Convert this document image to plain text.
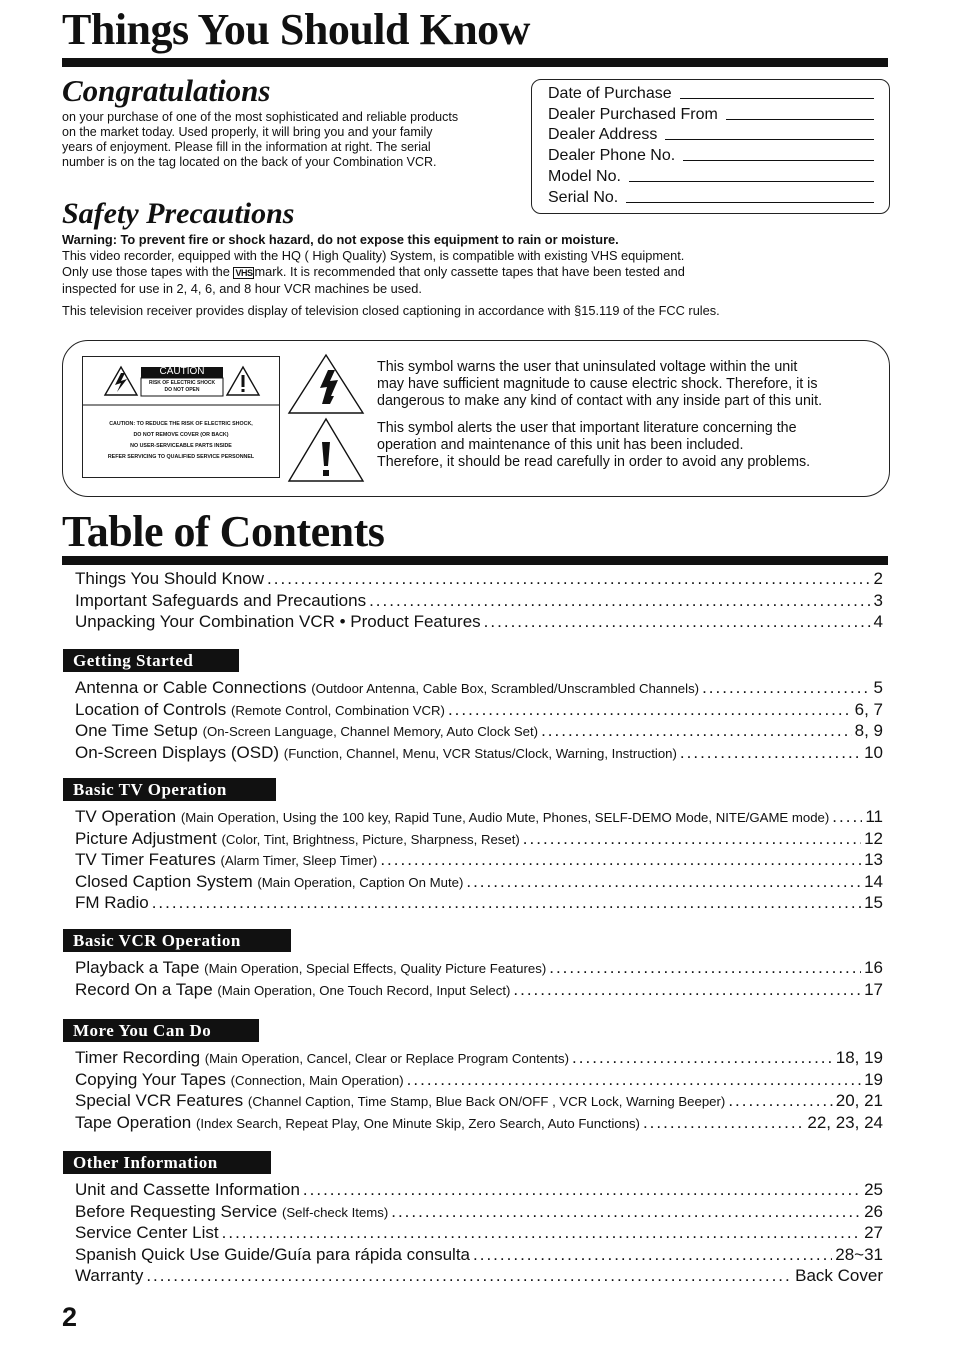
Things You Should Know
Congratulations
on your purchase of one of the most sophisticated and reliable products
on the market today. Used properly, it will bring you and your family
years of enjoyment. Please fill in the information at right. The serial
number is on the tag located on the back of your Combination VCR.
Date of Purchase
Dealer Purchased From
Dealer Address
Dealer Phone No.
Model No.
Serial No.
Safety Precautions
Warning: To prevent fire or shock hazard, do not expose this equipment to rain or moisture.
This video recorder, equipped with the HQ ( High Quality) System, is compatible with existing VHS equipment.
Only use those tapes with the VHS mark. It is recommended that only cassette tapes that have been tested and
inspected for use in 2, 4, 6, and 8 hour VCR machines be used.
This television receiver provides display of television closed captioning in accordance with §15.119 of the FCC rules.
CAUTION
RISK OF ELECTRIC SHOCK
DO NOT OPEN
CAUTION: TO REDUCE THE RISK OF ELECTRIC SHOCK,
DO NOT REMOVE COVER (OR BACK)
NO USER-SERVICEABLE PARTS INSIDE
REFER SERVICING TO QUALIFIED SERVICE PERSONNEL
This symbol warns the user that uninsulated voltage within the unit
may have sufficient magnitude to cause electric shock. Therefore, it is
dangerous to make any kind of contact with any inside part of this unit.
This symbol alerts the user that important literature concerning the
operation and maintenance of this unit has been included.
Therefore, it should be read carefully in order to avoid any problems.
Table of Contents
Things You Should Know .....	2
Important Safeguards and Precautions .....	3
Unpacking Your Combination VCR • Product Features .....	4
Getting Started
Antenna or Cable Connections (Outdoor Antenna, Cable Box, Scrambled/Unscrambled Channels) .....	5
Location of Controls (Remote Control, Combination VCR) .....	6, 7
One Time Setup (On-Screen Language, Channel Memory, Auto Clock Set) .....	8, 9
On-Screen Displays (OSD) (Function, Channel, Menu, VCR Status/Clock, Warning, Instruction) .....	10
Basic TV Operation
TV Operation (Main Operation, Using the 100 key, Rapid Tune, Audio Mute, Phones, SELF-DEMO Mode, NITE/GAME mode) ..... 11
Picture Adjustment (Color, Tint, Brightness, Picture, Sharpness, Reset) .....	12
TV Timer Features (Alarm Timer, Sleep Timer) .....	13
Closed Caption System (Main Operation, Caption On Mute) .....	14
FM Radio .....	15
Basic VCR Operation
Playback a Tape (Main Operation, Special Effects, Quality Picture Features) .....	16
Record On a Tape (Main Operation, One Touch Record, Input Select) .....	17
More You Can Do
Timer Recording (Main Operation, Cancel, Clear or Replace Program Contents) .....	18, 19
Copying Your Tapes (Connection, Main Operation) .....	19
Special VCR Features (Channel Caption, Time Stamp, Blue Back ON/OFF , VCR Lock, Warning Beeper) .....	20, 21
Tape Operation (Index Search, Repeat Play, One Minute Skip, Zero Search, Auto Functions) .....	22, 23, 24
Other Information
Unit and Cassette Information .....	25
Before Requesting Service (Self-check Items) .....	26
Service Center List .....	27
Spanish Quick Use Guide/Guía para rápida consulta .....	28~31
Warranty .....	Back Cover
2
